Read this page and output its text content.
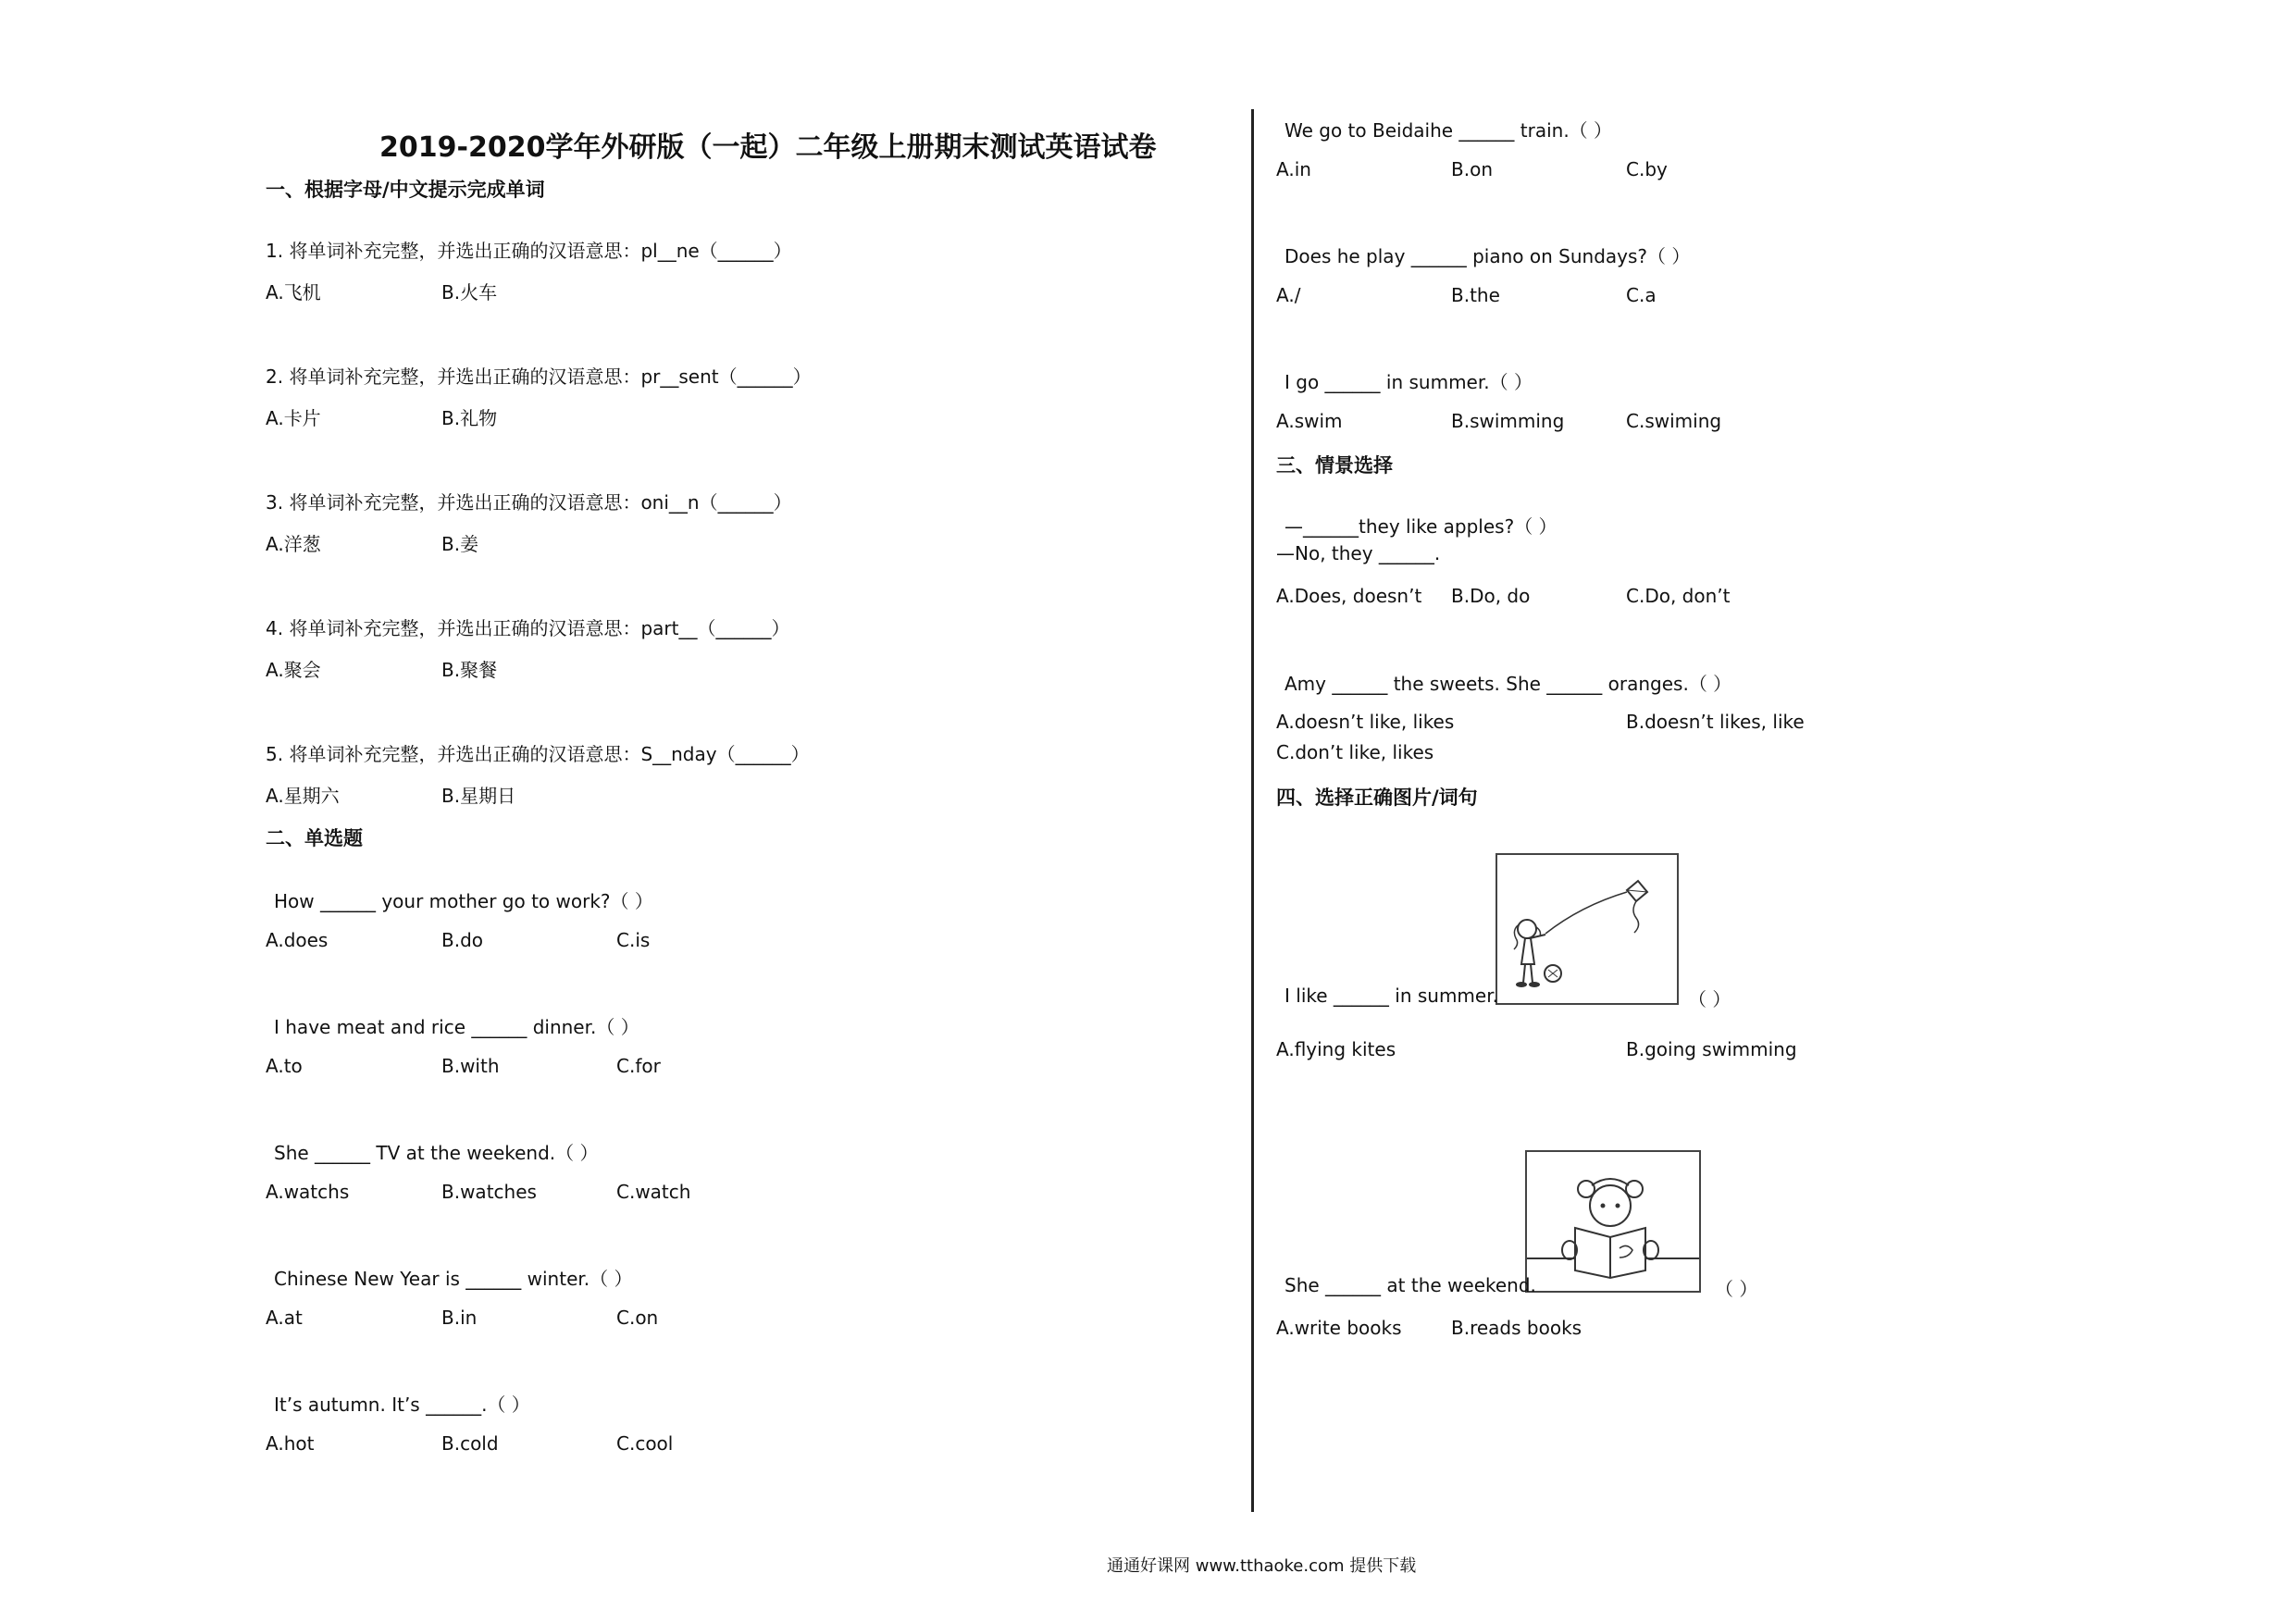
2019-2020学年外研版（一起）二年级上册期末测试英语试卷
一、根据字母/中文提示完成单词
1. 将单词补充完整，并选出正确的汉语意思：pl__ne（______）
A.飞机	B.火车
2. 将单词补充完整，并选出正确的汉语意思：pr__sent（______）
A.卡片	B.礼物
3. 将单词补充完整，并选出正确的汉语意思：oni__n（______）
A.洋葱	B.姜
4. 将单词补充完整，并选出正确的汉语意思：part__（______）
A.聚会	B.聚餐
5. 将单词补充完整，并选出正确的汉语意思：S__nday（______）
A.星期六	B.星期日
二、单选题
How ______ your mother go to work?（ ）
A.does	B.do	C.is
I have meat and rice ______ dinner.（ ）
A.to	B.with	C.for
She ______ TV at the weekend.（ ）
A.watchs	B.watches	C.watch
Chinese New Year is ______ winter.（ ）
A.at	B.in	C.on
It’s autumn. It’s ______.（ ）
A.hot	B.cold	C.cool
We go to Beidaihe ______ train.（ ）
A.in	B.on	C.by
Does he play ______ piano on Sundays?（ ）
A./	B.the	C.a
I go ______ in summer.（ ）
A.swim	B.swimming	C.swiming
三、情景选择
—______they like apples?（ ）
—No, they ______.
A.Does, doesn’t B.Do, do	C.Do, don’t
Amy ______ the sweets. She ______ oranges.（ ）
A.doesn’t like, likes	B.doesn’t likes, like
C.don’t like, likes
四、选择正确图片/词句
I like ______ in summer.	（ ）
A.flying kites	B.going swimming
She ______ at the weekend.	（ ）
A.write books	B.reads books
通通好课网 www.tthaoke.com 提供下载
